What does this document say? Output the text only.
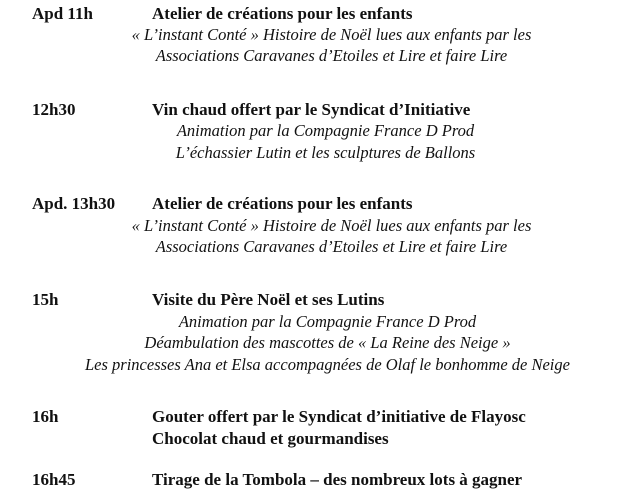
Apd 11h	Atelier de créations pour les enfants
« L’instant Conté » Histoire de Noël lues aux enfants par les
Associations Caravanes d’Etoiles et Lire et faire Lire
12h30	Vin chaud offert par le Syndicat d’Initiative
Animation par la Compagnie France D Prod
L’échassier Lutin et les sculptures de Ballons
Apd. 13h30 Atelier de créations pour les enfants
« L’instant Conté » Histoire de Noël lues aux enfants par les
Associations Caravanes d’Etoiles et Lire et faire Lire
15h	Visite du Père Noël et ses Lutins
Animation par la Compagnie France D Prod
Déambulation des mascottes de « La Reine des Neige »
Les princesses Ana et Elsa accompagnées de Olaf le bonhomme de Neige
16h	Gouter offert par le Syndicat d’initiative de Flayosc
Chocolat chaud et gourmandises
16h45	Tirage de la Tombola – des nombreux lots à gagner
